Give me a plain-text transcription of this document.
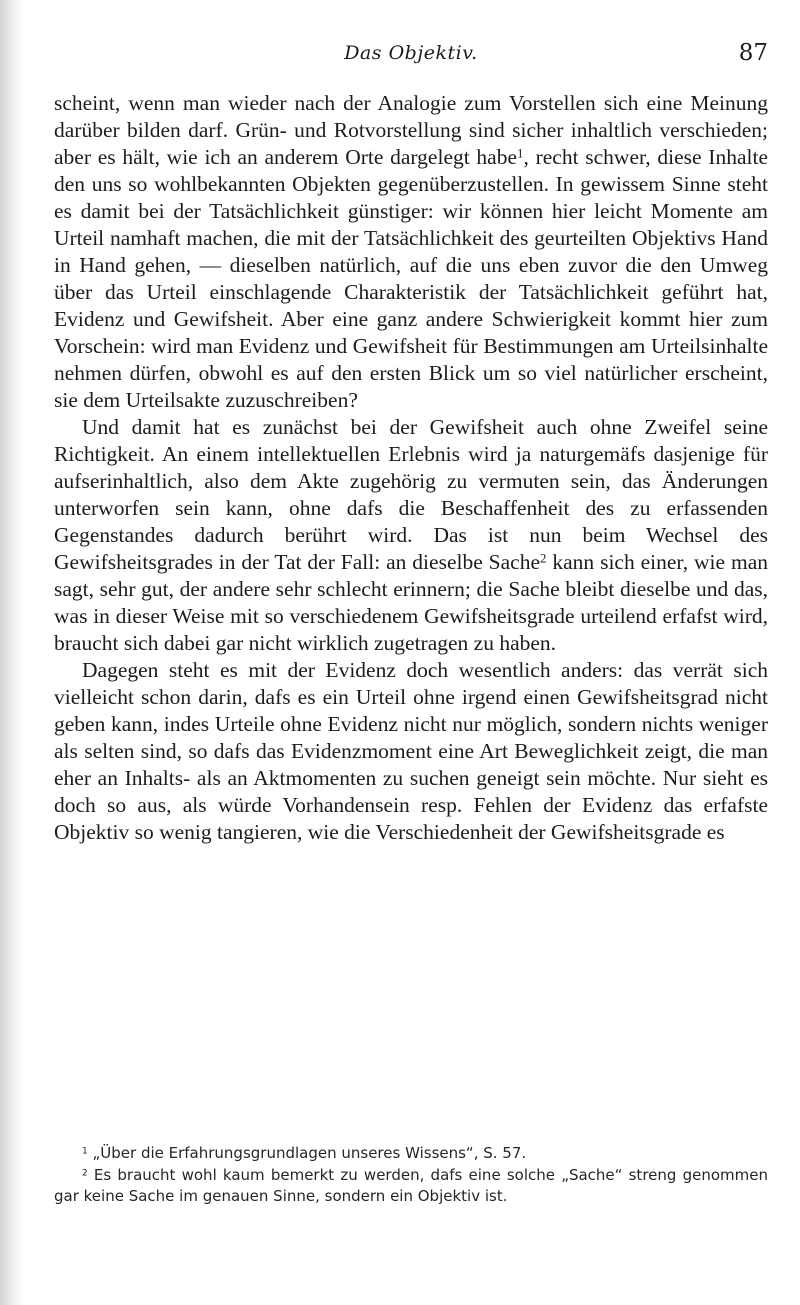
Das Objektiv.	87

scheint, wenn man wieder nach der Analogie zum Vorstellen sich eine Meinung darüber bilden darf. Grün- und Rotvorstellung sind sicher inhaltlich verschieden; aber es hält, wie ich an anderem Orte dargelegt habe$^1$, recht schwer, diese Inhalte den uns so wohlbekannten Objekten gegenüberzustellen. In gewissem Sinne steht es damit bei der Tatsächlichkeit günstiger: wir können hier leicht Momente am Urteil namhaft machen, die mit der Tatsächlichkeit des geurteilten Objektivs Hand in Hand gehen, — dieselben natürlich, auf die uns eben zuvor die den Umweg über das Urteil einschlagende Charakteristik der Tatsächlichkeit geführt hat, Evidenz und Gewifsheit. Aber eine ganz andere Schwierigkeit kommt hier zum Vorschein: wird man Evidenz und Gewifsheit für Bestimmungen am Urteilsinhalte nehmen dürfen, obwohl es auf den ersten Blick um so viel natürlicher erscheint, sie dem Urteilsakte zuzuschreiben?

Und damit hat es zunächst bei der Gewifsheit auch ohne Zweifel seine Richtigkeit. An einem intellektuellen Erlebnis wird ja naturgemäfs dasjenige für aufserinhaltlich, also dem Akte zugehörig zu vermuten sein, das Änderungen unterworfen sein kann, ohne dafs die Beschaffenheit des zu erfassenden Gegenstandes dadurch berührt wird. Das ist nun beim Wechsel des Gewifsheitsgrades in der Tat der Fall: an dieselbe Sache$^2$ kann sich einer, wie man sagt, sehr gut, der andere sehr schlecht erinnern; die Sache bleibt dieselbe und das, was in dieser Weise mit so verschiedenem Gewifsheitsgrade urteilend erfafst wird, braucht sich dabei gar nicht wirklich zugetragen zu haben.

Dagegen steht es mit der Evidenz doch wesentlich anders: das verrät sich vielleicht schon darin, dafs es ein Urteil ohne irgend einen Gewifsheitsgrad nicht geben kann, indes Urteile ohne Evidenz nicht nur möglich, sondern nichts weniger als selten sind, so dafs das Evidenzmoment eine Art Beweglichkeit zeigt, die man eher an Inhalts- als an Aktmomenten zu suchen geneigt sein möchte. Nur sieht es doch so aus, als würde Vorhandensein resp. Fehlen der Evidenz das erfafste Objektiv so wenig tangieren, wie die Verschiedenheit der Gewifsheitsgrade es

$^1$ „Über die Erfahrungsgrundlagen unseres Wissens“, S. 57.

$^2$ Es braucht wohl kaum bemerkt zu werden, dafs eine solche „Sache“ streng genommen gar keine Sache im genauen Sinne, sondern ein Objektiv ist.
